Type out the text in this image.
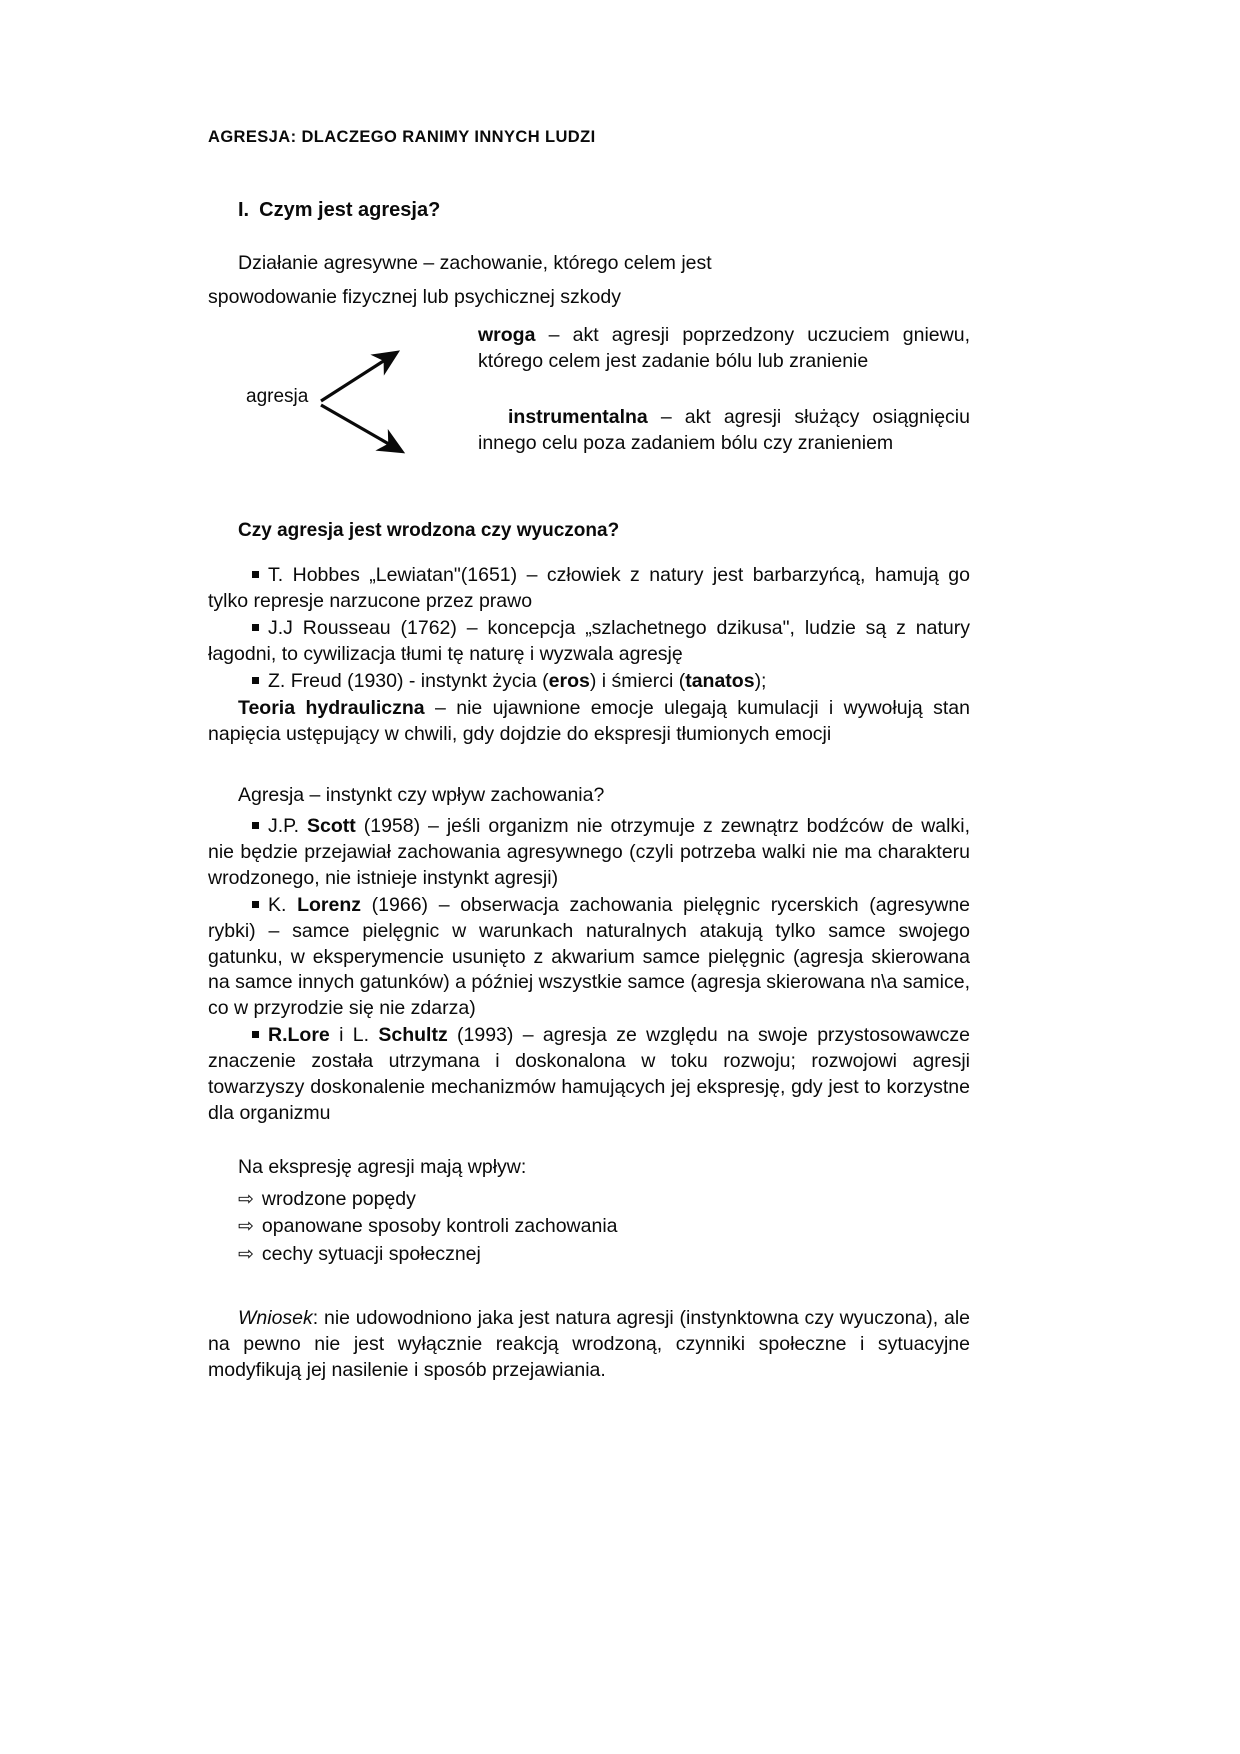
AGRESJA: DLACZEGO RANIMY INNYCH LUDZI
I. Czym jest agresja?

Działanie agresywne – zachowanie, którego celem jest

spowodowanie fizycznej lub psychicznej szkody

agresja

wroga – akt agresji poprzedzony uczuciem gniewu, którego celem jest zadanie bólu lub zranienie

instrumentalna – akt agresji służący osiągnięciu innego celu poza zadaniem bólu czy zranieniem

Czy agresja jest wrodzona czy wyuczona?
T. Hobbes „Lewiatan"(1651) – człowiek z natury jest barbarzyńcą, hamują go tylko represje narzucone przez prawo
J.J Rousseau (1762) – koncepcja „szlachetnego dzikusa", ludzie są z natury łagodni, to cywilizacja tłumi tę naturę i wyzwala agresję
Z. Freud (1930) - instynkt życia (eros) i śmierci (tanatos);

Teoria hydrauliczna – nie ujawnione emocje ulegają kumulacji i wywołują stan napięcia ustępujący w chwili, gdy dojdzie do ekspresji tłumionych emocji

Agresja – instynkt czy wpływ zachowania?
J.P. Scott (1958) – jeśli organizm nie otrzymuje z zewnątrz bodźców de walki, nie będzie przejawiał zachowania agresywnego (czyli potrzeba walki nie ma charakteru wrodzonego, nie istnieje instynkt agresji)
K. Lorenz (1966) – obserwacja zachowania pielęgnic rycerskich (agresywne rybki) – samce pielęgnic w warunkach naturalnych atakują tylko samce swojego gatunku, w eksperymencie usunięto z akwarium samce pielęgnic (agresja skierowana na samce innych gatunków) a później wszystkie samce (agresja skierowana n\a samice, co w przyrodzie się nie zdarza)
R.Lore i L. Schultz (1993) – agresja ze względu na swoje przystosowawcze znaczenie została utrzymana i doskonalona w toku rozwoju; rozwojowi agresji towarzyszy doskonalenie mechanizmów hamujących jej ekspresję, gdy jest to korzystne dla organizmu
Na ekspresję agresji mają wpływ:
⇨ wrodzone popędy
⇨ opanowane sposoby kontroli zachowania
⇨ cechy sytuacji społecznej

Wniosek: nie udowodniono jaka jest natura agresji (instynktowna czy wyuczona), ale na pewno nie jest wyłącznie reakcją wrodzoną, czynniki społeczne i sytuacyjne modyfikują jej nasilenie i sposób przejawiania.
